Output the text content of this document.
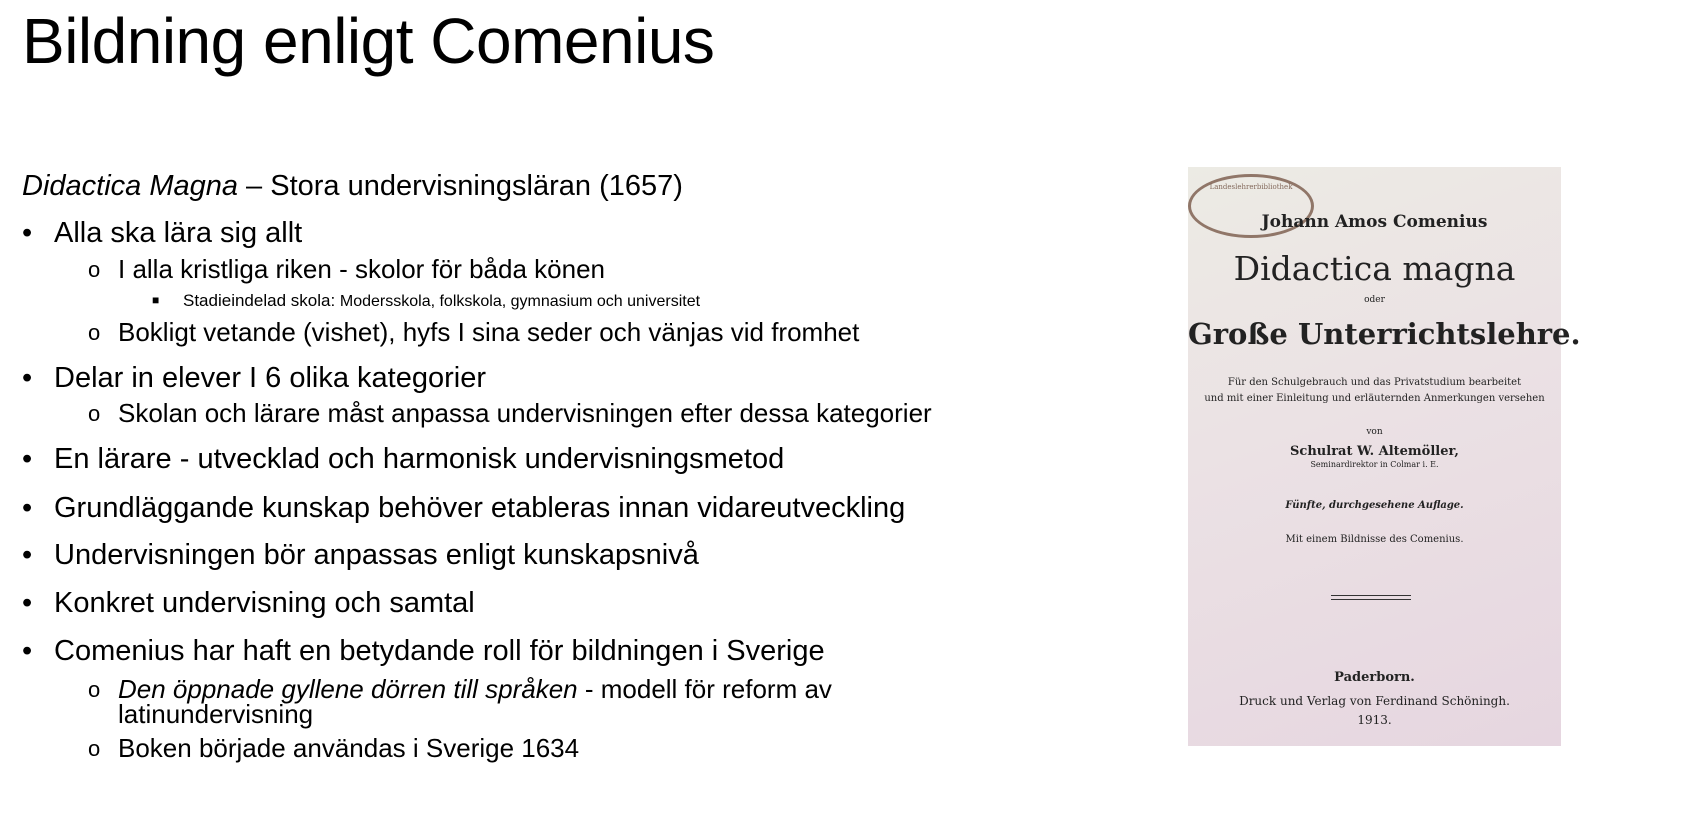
Bildning enligt Comenius
Didactica Magna – Stora undervisningsläran (1657)
• Alla ska lära sig allt
o I alla kristliga riken - skolor för båda könen
■ Stadieindelad skola: Modersskola, folkskola, gymnasium och universitet
o Bokligt vetande (vishet), hyfs I sina seder och vänjas vid fromhet
• Delar in elever I 6 olika kategorier
o Skolan och lärare måst anpassa undervisningen efter dessa kategorier
• En lärare - utvecklad och harmonisk undervisningsmetod
• Grundläggande kunskap behöver etableras innan vidareutveckling
• Undervisningen bör anpassas enligt kunskapsnivå
• Konkret undervisning och samtal
• Comenius har haft en betydande roll för bildningen i Sverige
o Den öppnade gyllene dörren till språken - modell för reform av
latinundervisning
o Boken började användas i Sverige 1634
Landeslehrerbibliothek
Johann Amos Comenius
Didactica magna
oder
Große Unterrichtslehre.
Für den Schulgebrauch und das Privatstudium bearbeitet
und mit einer Einleitung und erläuternden Anmerkungen versehen
von
Schulrat W. Altemöller,
Seminardirektor in Colmar i. E.
Fünfte, durchgesehene Auflage.
Mit einem Bildnisse des Comenius.
Paderborn.
Druck und Verlag von Ferdinand Schöningh.
1913.
